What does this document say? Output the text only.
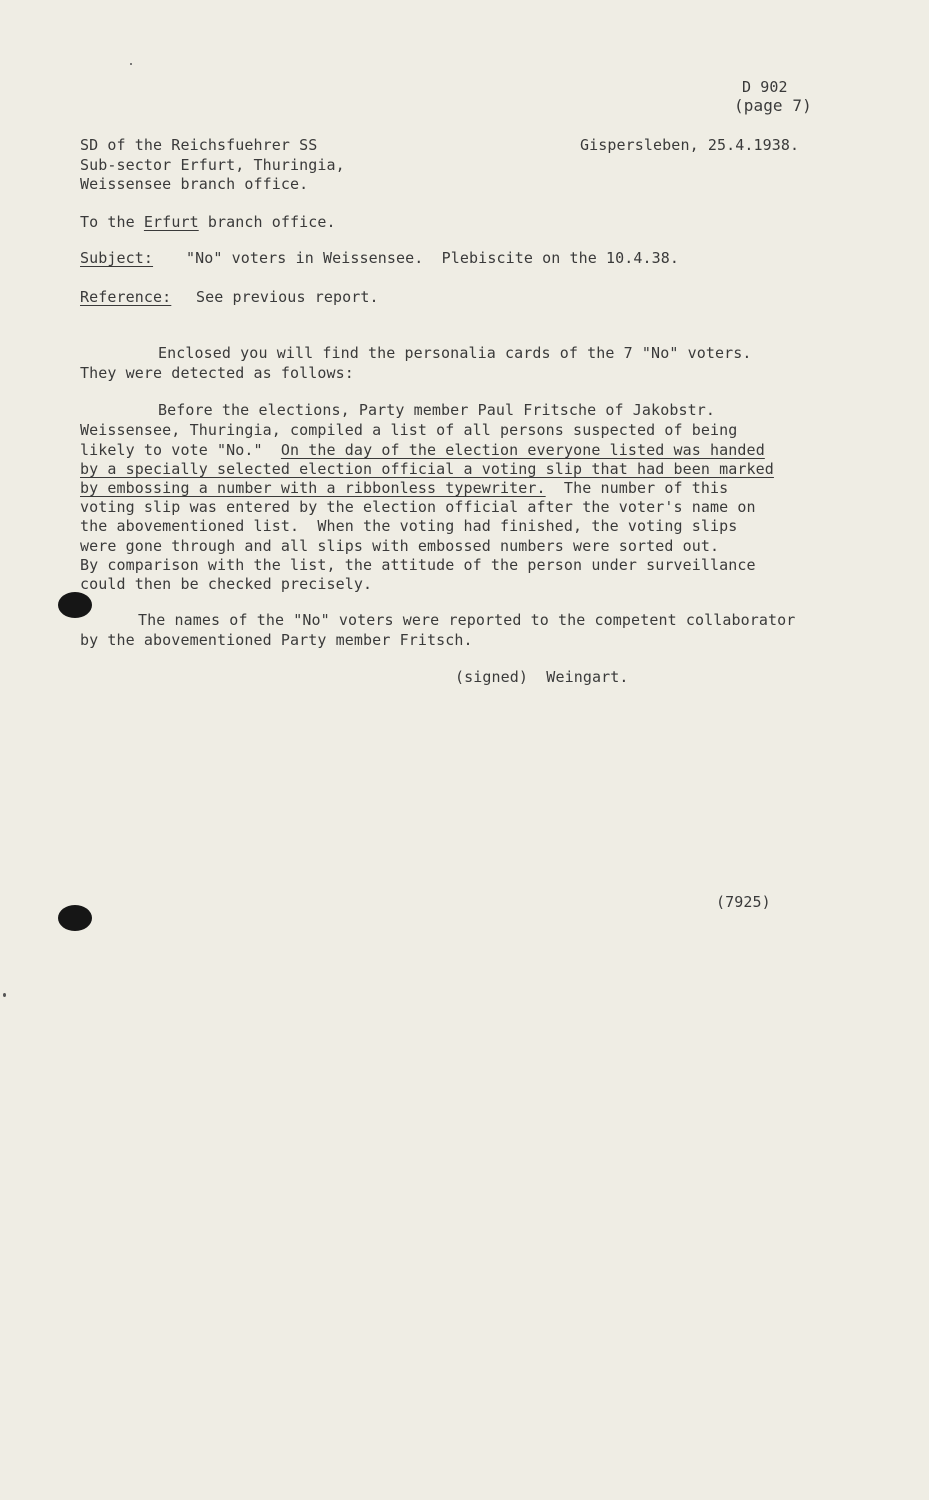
D 902
(page 7)
SD of the Reichsfuehrer SS
Sub-sector Erfurt, Thuringia,
Weissensee branch office.
Gispersleben, 25.4.1938.
To the Erfurt branch office.
Subject: "No" voters in Weissensee.  Plebiscite on the 10.4.38.
Reference: See previous report.
Enclosed you will find the personalia cards of the 7 "No" voters.
They were detected as follows:
Before the elections, Party member Paul Fritsche of Jakobstr.
Weissensee, Thuringia, compiled a list of all persons suspected of being
likely to vote "No."  On the day of the election everyone listed was handed
by a specially selected election official a voting slip that had been marked
by embossing a number with a ribbonless typewriter.  The number of this
voting slip was entered by the election official after the voter's name on
the abovementioned list.  When the voting had finished, the voting slips
were gone through and all slips with embossed numbers were sorted out.
By comparison with the list, the attitude of the person under surveillance
could then be checked precisely.
The names of the "No" voters were reported to the competent collaborator
by the abovementioned Party member Fritsch.
(signed)  Weingart.
(7925)
